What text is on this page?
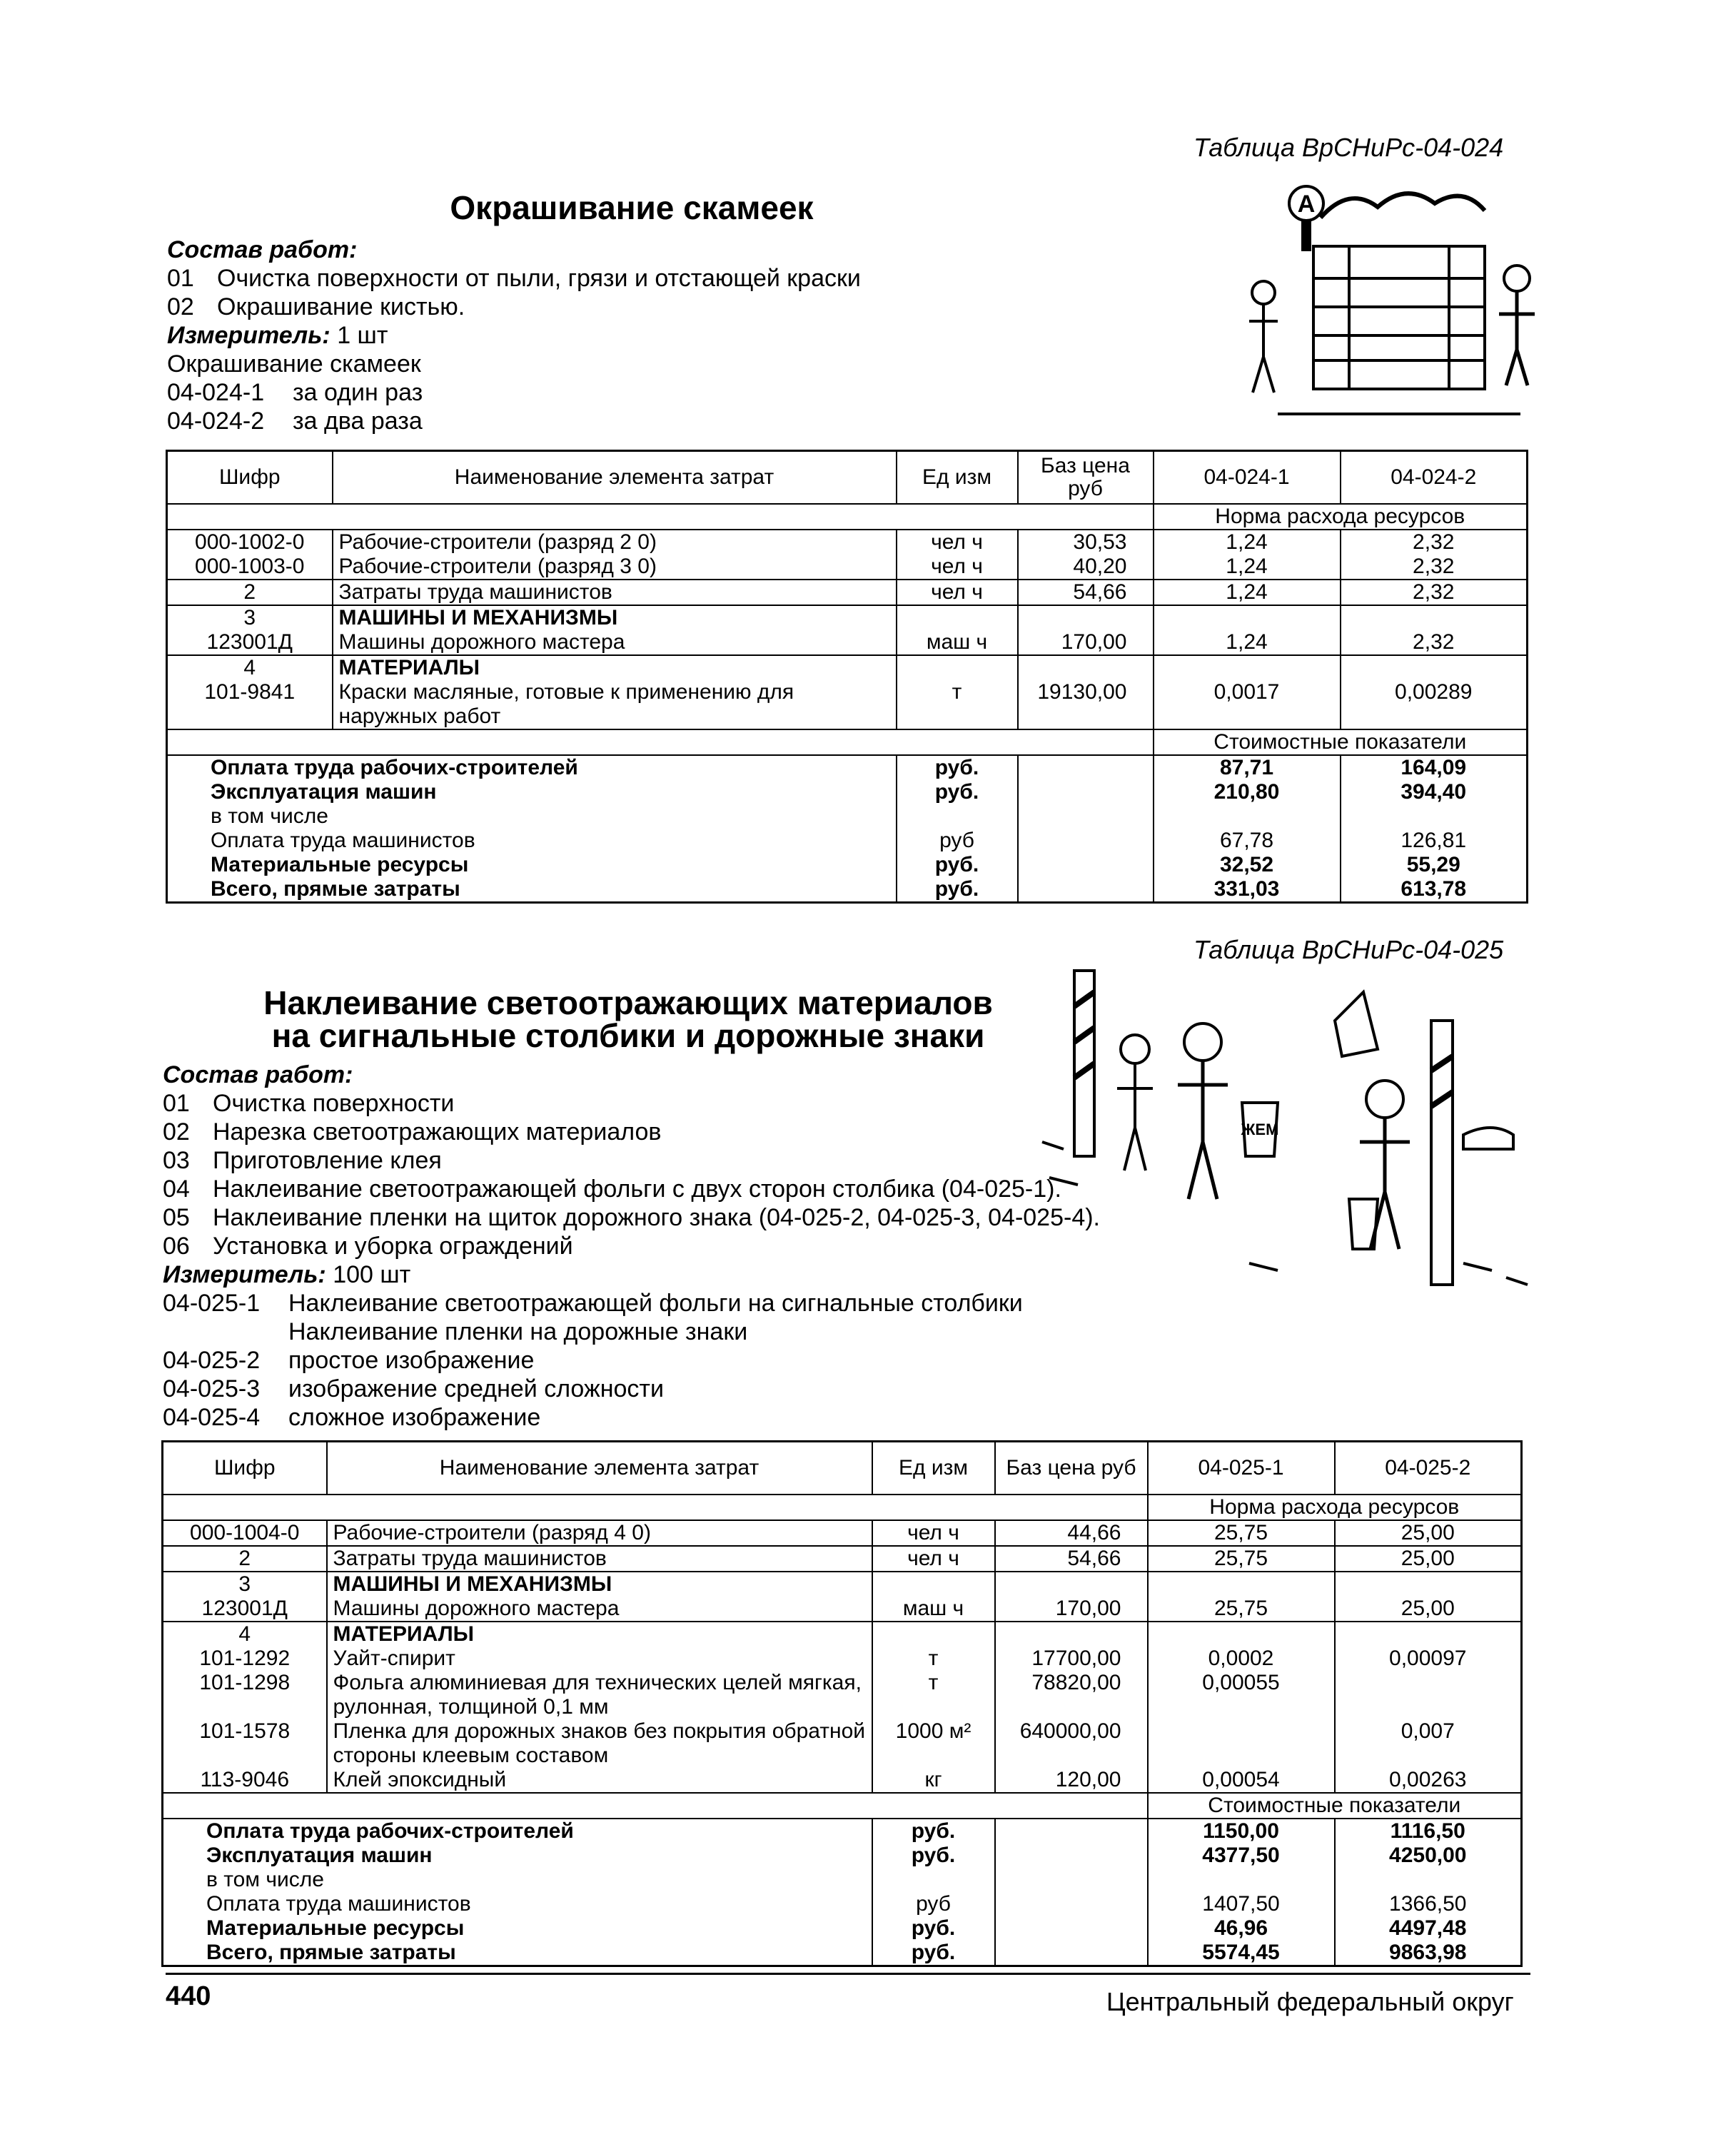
Таблица ВрСНиРс-04-024
Окрашивание скамеек
Состав работ:
01 Очистка поверхности от пыли, грязи и отстающей краски
02 Окрашивание кистью.
Измеритель: 1 шт
Окрашивание скамеек
04-024-1 за один раз
04-024-2 за два раза
A
Шифр	Наименование элемента затрат	Ед изм	Баз цена руб	04-024-1	04-024-2
				Норма расхода ресурсов	
000-1002-0	Рабочие-строители (разряд 2 0)	чел ч	30,53	1,24	2,32
000-1003-0	Рабочие-строители (разряд 3 0)	чел ч	40,20	1,24	2,32
2	Затраты труда машинистов	чел ч	54,66	1,24	2,32
3	МАШИНЫ И МЕХАНИЗМЫ				
123001Д	Машины дорожного мастера	маш ч	170,00	1,24	2,32
4	МАТЕРИАЛЫ				
101-9841	Краски масляные, готовые к применению для наружных работ	т	19130,00	0,0017	0,00289
				Стоимостные показатели	
Оплата труда рабочих-строителей		руб.		87,71	164,09
Эксплуатация машин		руб.		210,80	394,40
в том числе					
Оплата труда машинистов		руб		67,78	126,81
Материальные ресурсы		руб.		32,52	55,29
Всего, прямые затраты		руб.		331,03	613,78
Таблица ВрСНиРс-04-025
Наклеивание светоотражающих материалов
на сигнальные столбики и дорожные знаки
Состав работ:
01 Очистка поверхности
02 Нарезка светоотражающих материалов
03 Приготовление клея
04 Наклеивание светоотражающей фольги с двух сторон столбика (04-025-1).
05 Наклеивание пленки на щиток дорожного знака (04-025-2, 04-025-3, 04-025-4).
06 Установка и уборка ограждений
Измеритель: 100 шт
04-025-1 Наклеивание светоотражающей фольги на сигнальные столбики
Наклеивание пленки на дорожные знаки
04-025-2 простое изображение
04-025-3 изображение средней сложности
04-025-4 сложное изображение
ЖЕМ
Шифр	Наименование элемента затрат	Ед изм	Баз цена руб	04-025-1	04-025-2
				Норма расхода ресурсов	
000-1004-0	Рабочие-строители (разряд 4 0)	чел ч	44,66	25,75	25,00
2	Затраты труда машинистов	чел ч	54,66	25,75	25,00
3	МАШИНЫ И МЕХАНИЗМЫ				
123001Д	Машины дорожного мастера	маш ч	170,00	25,75	25,00
4	МАТЕРИАЛЫ				
101-1292	Уайт-спирит	т	17700,00	0,0002	0,00097
101-1298	Фольга алюминиевая для технических целей мягкая, рулонная, толщиной 0,1 мм	т	78820,00	0,00055	
101-1578	Пленка для дорожных знаков без покрытия обратной стороны клеевым составом	1000 м²	640000,00		0,007
113-9046	Клей эпоксидный	кг	120,00	0,00054	0,00263
				Стоимостные показатели	
Оплата труда рабочих-строителей		руб.		1150,00	1116,50
Эксплуатация машин		руб.		4377,50	4250,00
в том числе					
Оплата труда машинистов		руб		1407,50	1366,50
Материальные ресурсы		руб.		46,96	4497,48
Всего, прямые затраты		руб.		5574,45	9863,98
440	Центральный федеральный округ
